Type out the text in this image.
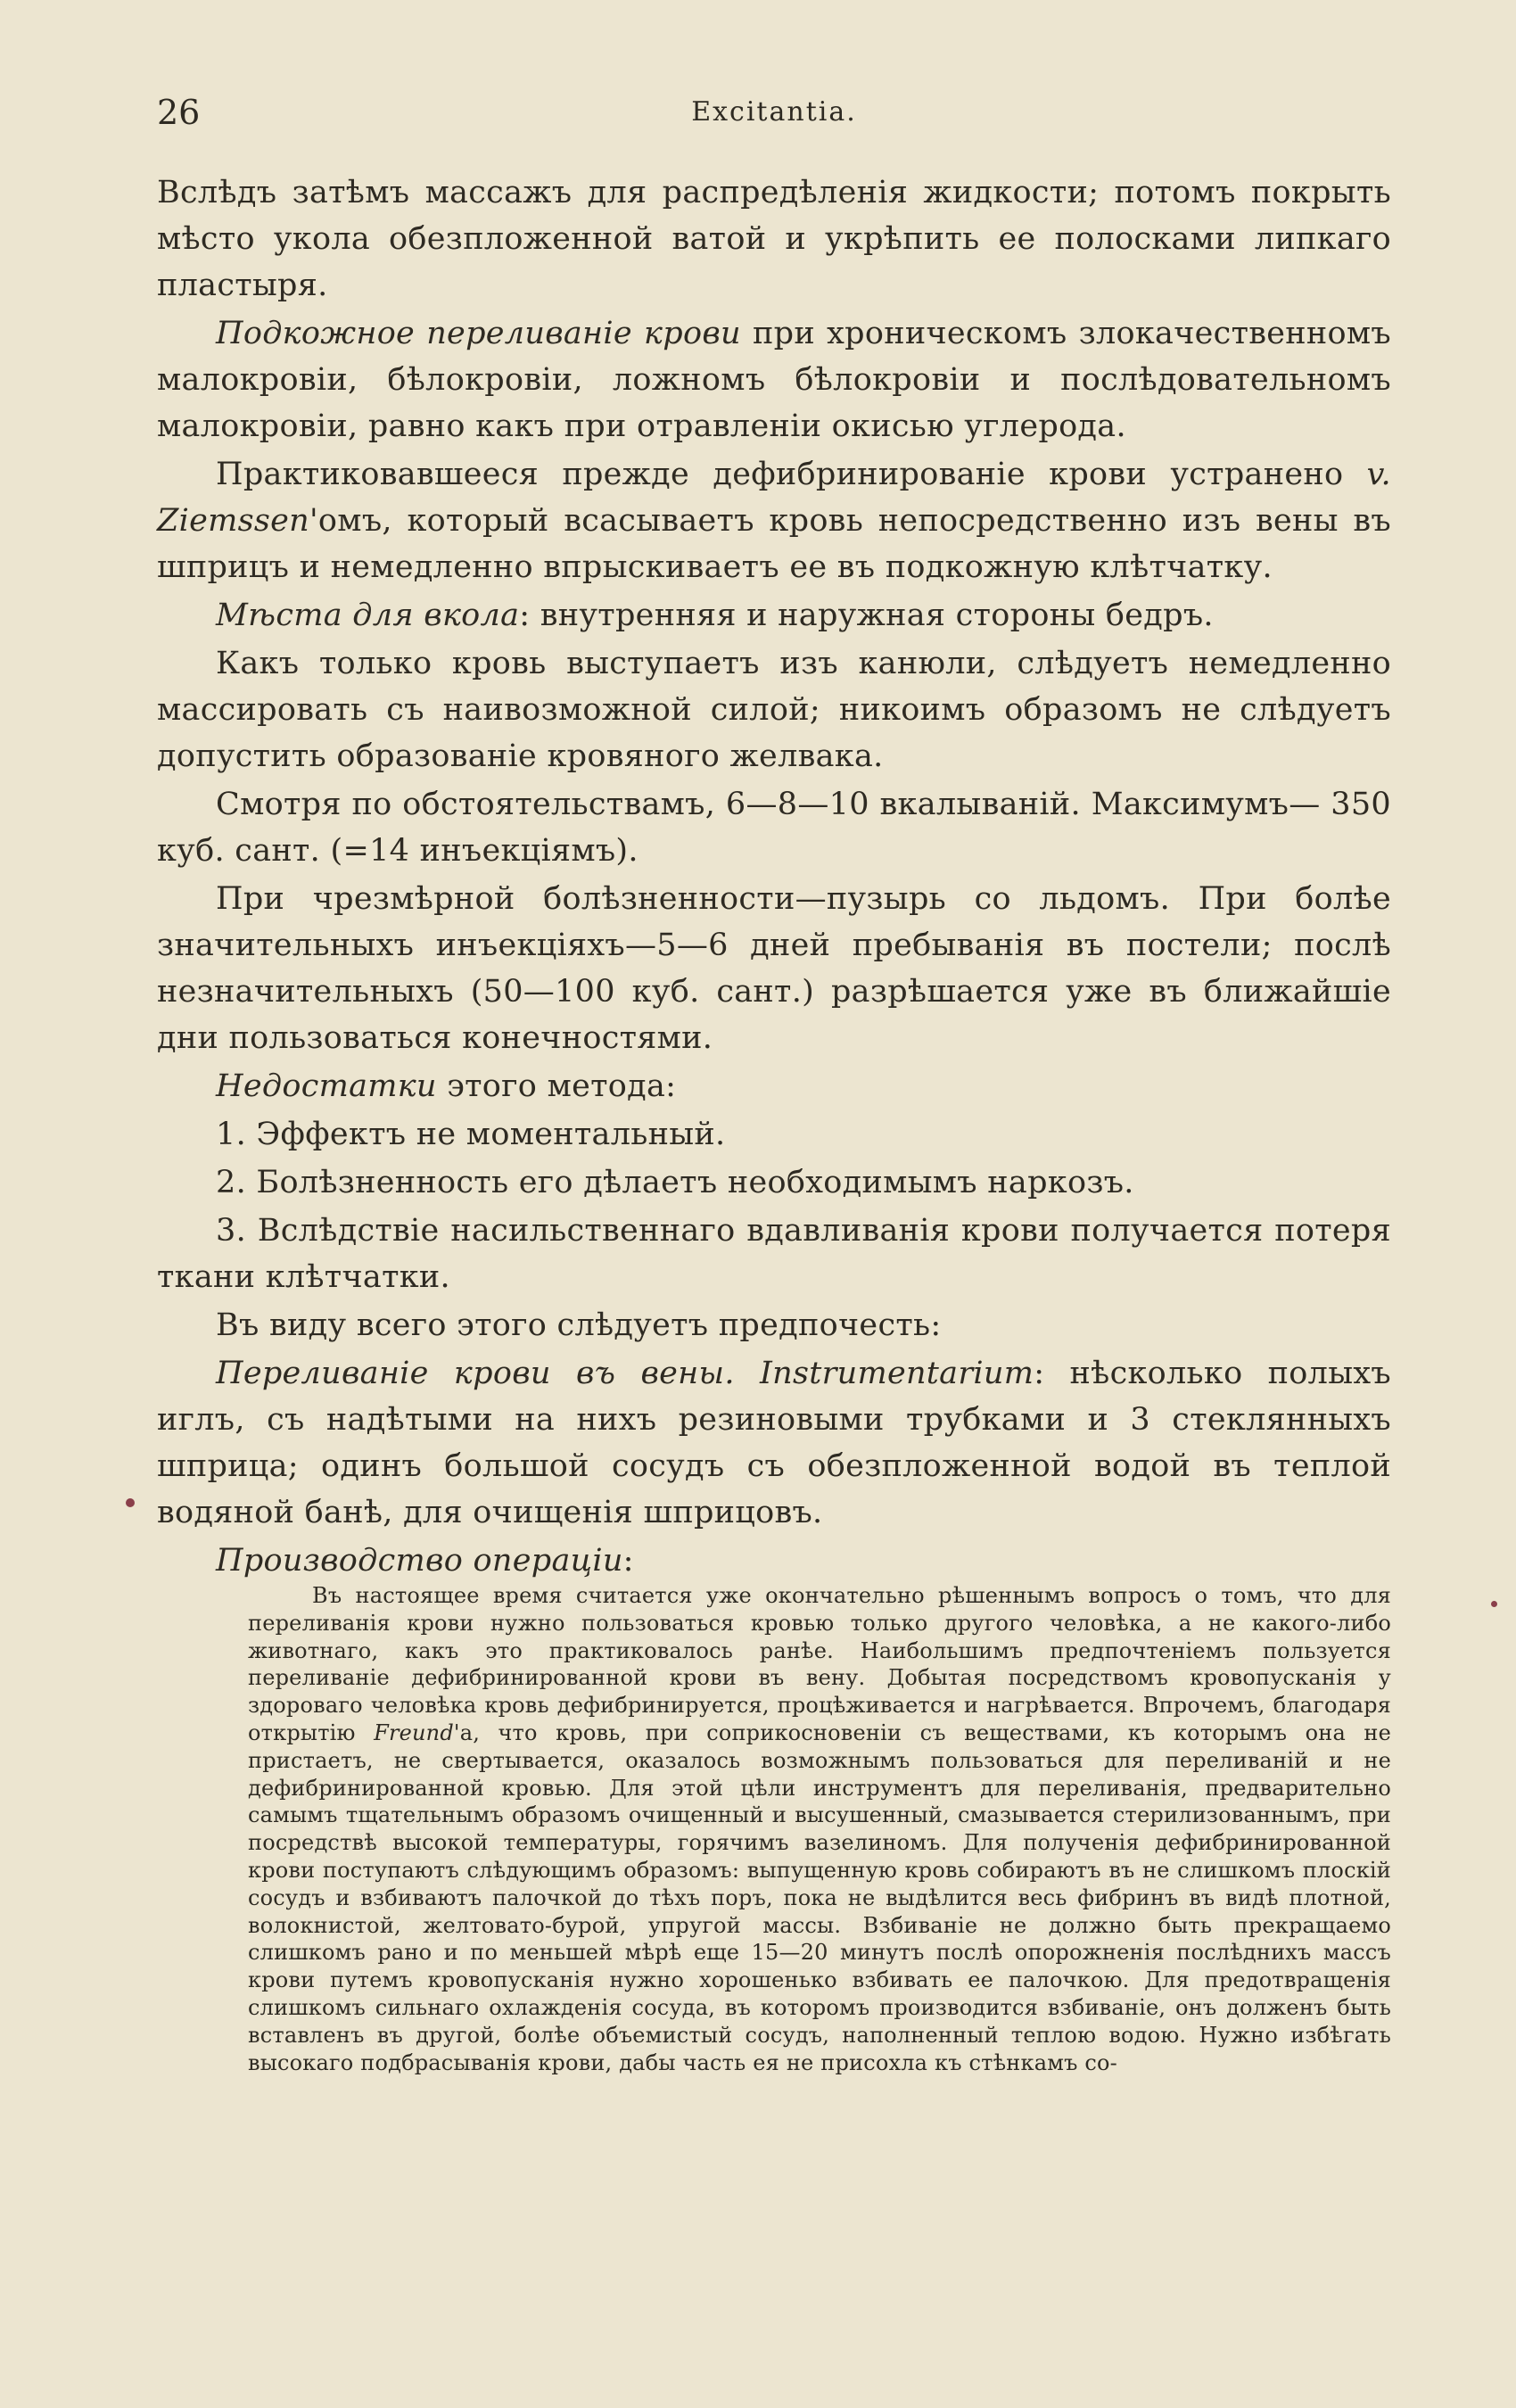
26	Excitantia.

Вслѣдъ затѣмъ массажъ для распредѣленія жидкости; потомъ покрыть мѣсто укола обезпложенной ватой и укрѣпить ее полосками липкаго пластыря.

Подкожное переливаніе крови при хроническомъ злокачественномъ малокровіи, бѣлокровіи, ложномъ бѣлокровіи и послѣдовательномъ малокровіи, равно какъ при отравленіи окисью углерода.

Практиковавшееся прежде дефибринированіе крови устранено v. Ziemssen'омъ, который всасываетъ кровь непосредственно изъ вены въ шприцъ и немедленно впрыскиваетъ ее въ подкожную клѣтчатку.

Мѣста для вкола: внутренняя и наружная стороны бедръ.

Какъ только кровь выступаетъ изъ канюли, слѣдуетъ немедленно массировать съ наивозможной силой; никоимъ образомъ не слѣдуетъ допустить образованіе кровяного желвака.

Смотря по обстоятельствамъ, 6—8—10 вкалываній. Максимумъ— 350 куб. сант. (=14 инъекціямъ).

При чрезмѣрной болѣзненности—пузырь со льдомъ. При болѣе значительныхъ инъекціяхъ—5—6 дней пребыванія въ постели; послѣ незначительныхъ (50—100 куб. сант.) разрѣшается уже въ ближайшіе дни пользоваться конечностями.

Недостатки этого метода:

1. Эффектъ не моментальный.

2. Болѣзненность его дѣлаетъ необходимымъ наркозъ.

3. Вслѣдствіе насильственнаго вдавливанія крови получается потеря ткани клѣтчатки.

Въ виду всего этого слѣдуетъ предпочесть:

Переливаніе крови въ вены. Instrumentarium: нѣсколько полыхъ иглъ, съ надѣтыми на нихъ резиновыми трубками и 3 стеклянныхъ шприца; одинъ большой сосудъ съ обезпложенной водой въ теплой водяной банѣ, для очищенія шприцовъ.

Производство операціи:

Въ настоящее время считается уже окончательно рѣшеннымъ вопросъ о томъ, что для переливанія крови нужно пользоваться кровью только другого человѣка, а не какого-либо животнаго, какъ это практиковалось ранѣе. Наибольшимъ предпочтеніемъ пользуется переливаніе дефибринированной крови въ вену. Добытая посредствомъ кровопусканія у здороваго человѣка кровь дефибринируется, процѣживается и нагрѣвается. Впрочемъ, благодаря открытію Freund'а, что кровь, при соприкосновеніи съ веществами, къ которымъ она не пристаетъ, не свертывается, оказалось возможнымъ пользоваться для переливаній и не дефибринированной кровью. Для этой цѣли инструментъ для переливанія, предварительно самымъ тщательнымъ образомъ очищенный и высушенный, смазывается стерилизованнымъ, при посредствѣ высокой температуры, горячимъ вазелиномъ. Для полученія дефибринированной крови поступаютъ слѣдующимъ образомъ: выпущенную кровь собираютъ въ не слишкомъ плоскій сосудъ и взбиваютъ палочкой до тѣхъ поръ, пока не выдѣлится весь фибринъ въ видѣ плотной, волокнистой, желтовато-бурой, упругой массы. Взбиваніе не должно быть прекращаемо слишкомъ рано и по меньшей мѣрѣ еще 15—20 минутъ послѣ опорожненія послѣднихъ массъ крови путемъ кровопусканія нужно хорошенько взбивать ее палочкою. Для предотвращенія слишкомъ сильнаго охлажденія сосуда, въ которомъ производится взбиваніе, онъ долженъ быть вставленъ въ другой, болѣе объемистый сосудъ, наполненный теплою водою. Нужно избѣгать высокаго подбрасыванія крови, дабы часть ея не присохла къ стѣнкамъ со-
